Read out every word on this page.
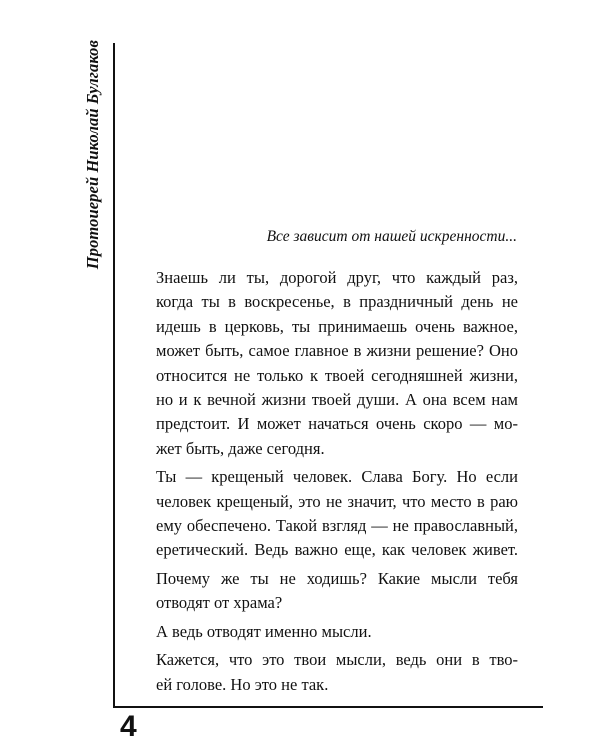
Протоиерей Николай Булгаков
4
Все зависит от нашей искренности...

Знаешь ли ты, дорогой друг, что каждый раз,
когда ты в воскресенье, в праздничный день не
идешь в церковь, ты принимаешь очень важное,
может быть, самое главное в жизни решение? Оно
относится не только к твоей сегодняшней жизни,
но и к вечной жизни твоей души. А она всем нам
предстоит. И может начаться очень скоро — мо-
жет быть, даже сегодня.

Ты — крещеный человек. Слава Богу. Но если
человек крещеный, это не значит, что место в раю
ему обеспечено. Такой взгляд — не православный,
еретический. Ведь важно еще, как человек живет.

Почему же ты не ходишь? Какие мысли тебя
отводят от храма?

А ведь отводят именно мысли.

Кажется, что это твои мысли, ведь они в тво-
ей голове. Но это не так.
